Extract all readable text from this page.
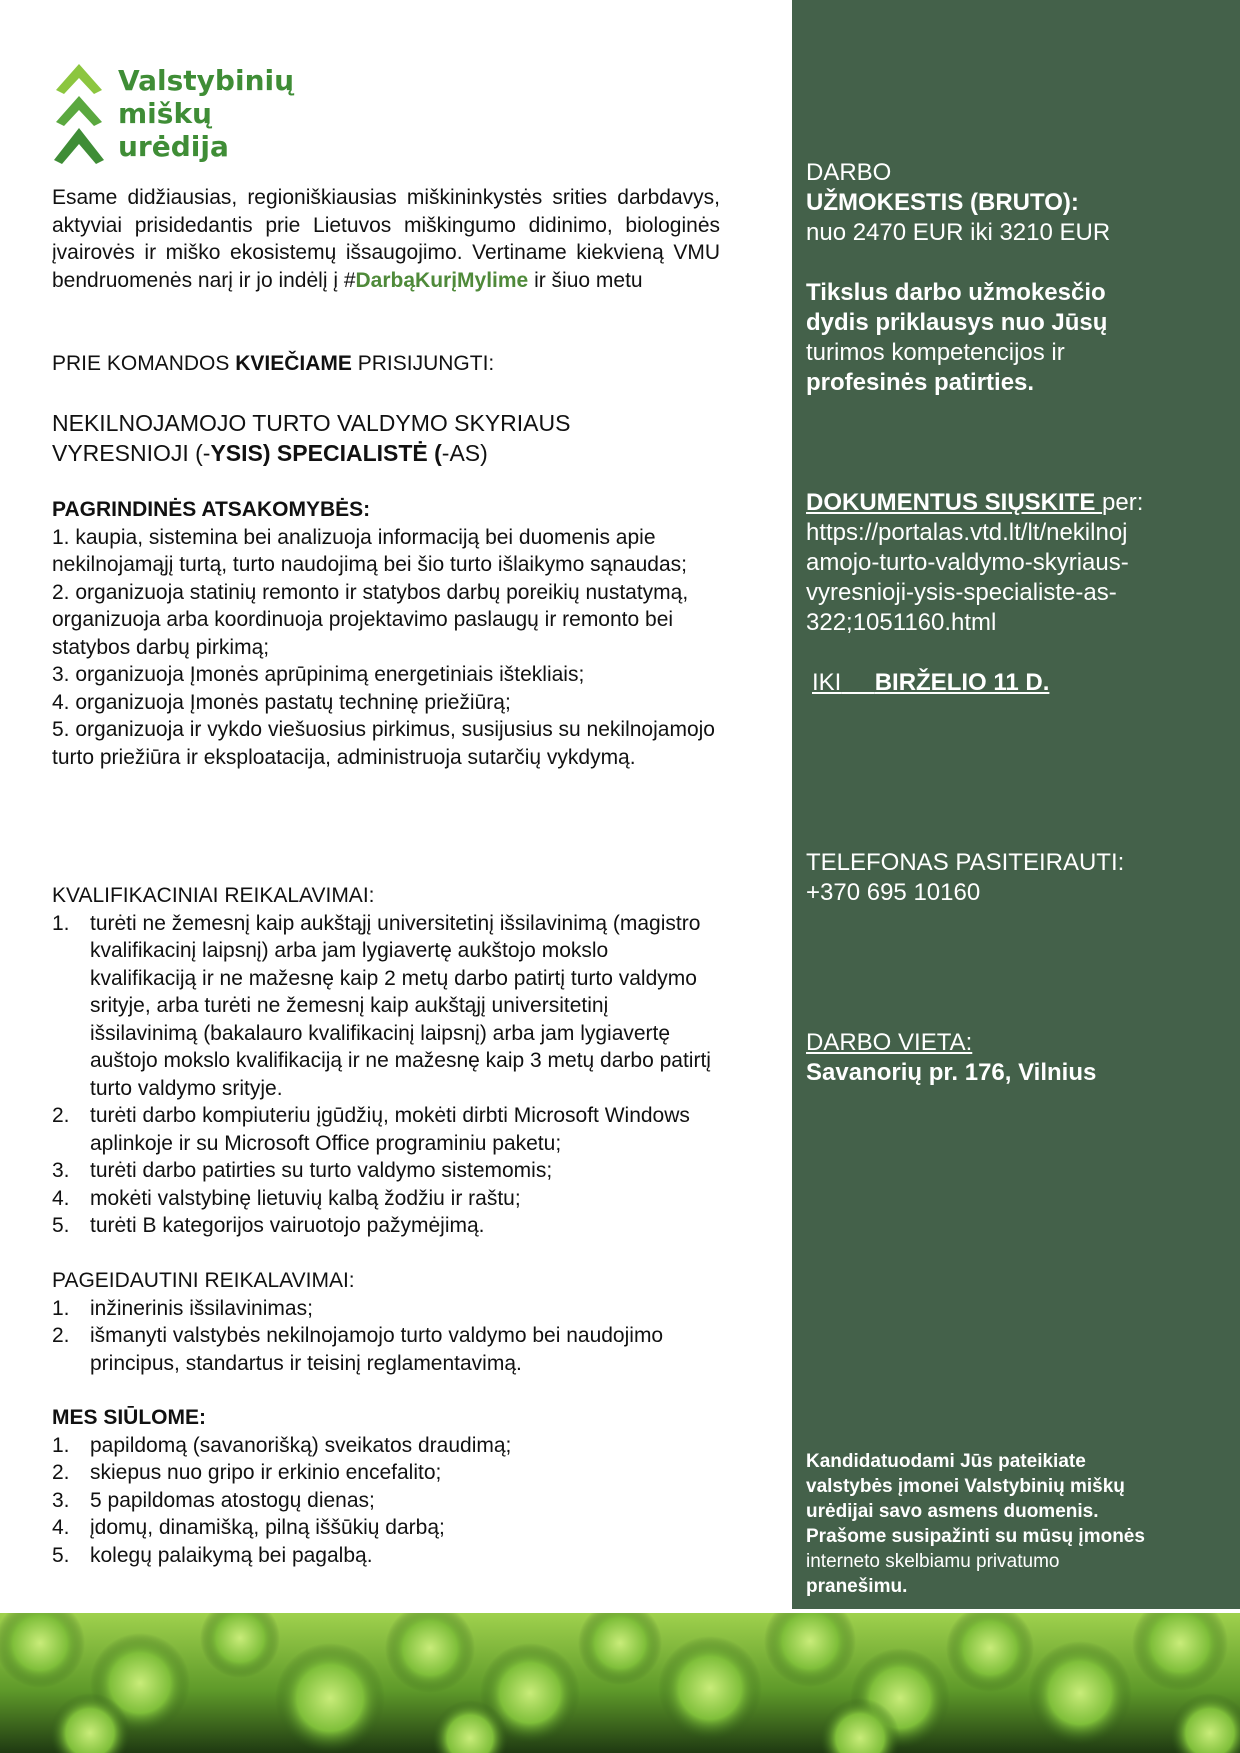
Valstybinių
miškų
urėdija
Esame didžiausias, regioniškiausias miškininkystės srities darbdavys, aktyviai prisidedantis prie Lietuvos miškingumo didinimo, biologinės įvairovės ir miško ekosistemų išsaugojimo. Vertiname kiekvieną VMU bendruomenės narį ir jo indėlį į #DarbąKurįMylime ir šiuo metu
PRIE KOMANDOS KVIEČIAME PRISIJUNGTI:
NEKILNOJAMOJO TURTO VALDYMO SKYRIAUS
VYRESNIOJI (-YSIS) SPECIALISTĖ (-AS)

PAGRINDINĖS ATSAKOMYBĖS:

1. kaupia, sistemina bei analizuoja informaciją bei duomenis apie nekilnojamąjį turtą, turto naudojimą bei šio turto išlaikymo sąnaudas;

2. organizuoja statinių remonto ir statybos darbų poreikių nustatymą, organizuoja arba koordinuoja projektavimo paslaugų ir remonto bei statybos darbų pirkimą;

3. organizuoja Įmonės aprūpinimą energetiniais ištekliais;

4. organizuoja Įmonės pastatų techninę priežiūrą;

5. organizuoja ir vykdo viešuosius pirkimus, susijusius su nekilnojamojo turto priežiūra ir eksploatacija, administruoja sutarčių vykdymą.

KVALIFIKACINIAI REIKALAVIMAI:
1. turėti ne žemesnį kaip aukštąjį universitetinį išsilavinimą (magistro kvalifikacinį laipsnį) arba jam lygiavertę aukštojo mokslo kvalifikaciją ir ne mažesnę kaip 2 metų darbo patirtį turto valdymo srityje, arba turėti ne žemesnį kaip aukštąjį universitetinį išsilavinimą (bakalauro kvalifikacinį laipsnį) arba jam lygiavertę auštojo mokslo kvalifikaciją ir ne mažesnę kaip 3 metų darbo patirtį turto valdymo srityje.
2. turėti darbo kompiuteriu įgūdžių, mokėti dirbti Microsoft Windows aplinkoje ir su Microsoft Office programiniu paketu;
3. turėti darbo patirties su turto valdymo sistemomis;
4. mokėti valstybinę lietuvių kalbą žodžiu ir raštu;
5. turėti B kategorijos vairuotojo pažymėjimą.
PAGEIDAUTINI REIKALAVIMAI:
1. inžinerinis išsilavinimas;
2. išmanyti valstybės nekilnojamojo turto valdymo bei naudojimo principus, standartus ir teisinį reglamentavimą.
MES SIŪLOME:
1. papildomą (savanorišką) sveikatos draudimą;
2. skiepus nuo gripo ir erkinio encefalito;
3. 5 papildomas atostogų dienas;
4. įdomų, dinamišką, pilną iššūkių darbą;
5. kolegų palaikymą bei pagalbą.

DARBO

UŽMOKESTIS (BRUTO):

nuo 2470 EUR iki 3210 EUR

Tikslus darbo užmokesčio

dydis priklausys nuo Jūsų

turimos kompetencijos ir

profesinės patirties.

DOKUMENTUS SIŲSKITE per:

https://portalas.vtd.lt/lt/nekilnoj

amojo-turto-valdymo-skyriaus-

vyresnioji-ysis-specialiste-as-

322;1051160.html

IKI BIRŽELIO 11 D.

TELEFONAS PASITEIRAUTI:

+370 695 10160

DARBO VIETA:

Savanorių pr. 176, Vilnius

Kandidatuodami Jūs pateikiate

valstybės įmonei Valstybinių miškų

urėdijai savo asmens duomenis.

Prašome susipažinti su mūsų įmonės

interneto skelbiamu privatumo

pranešimu.
